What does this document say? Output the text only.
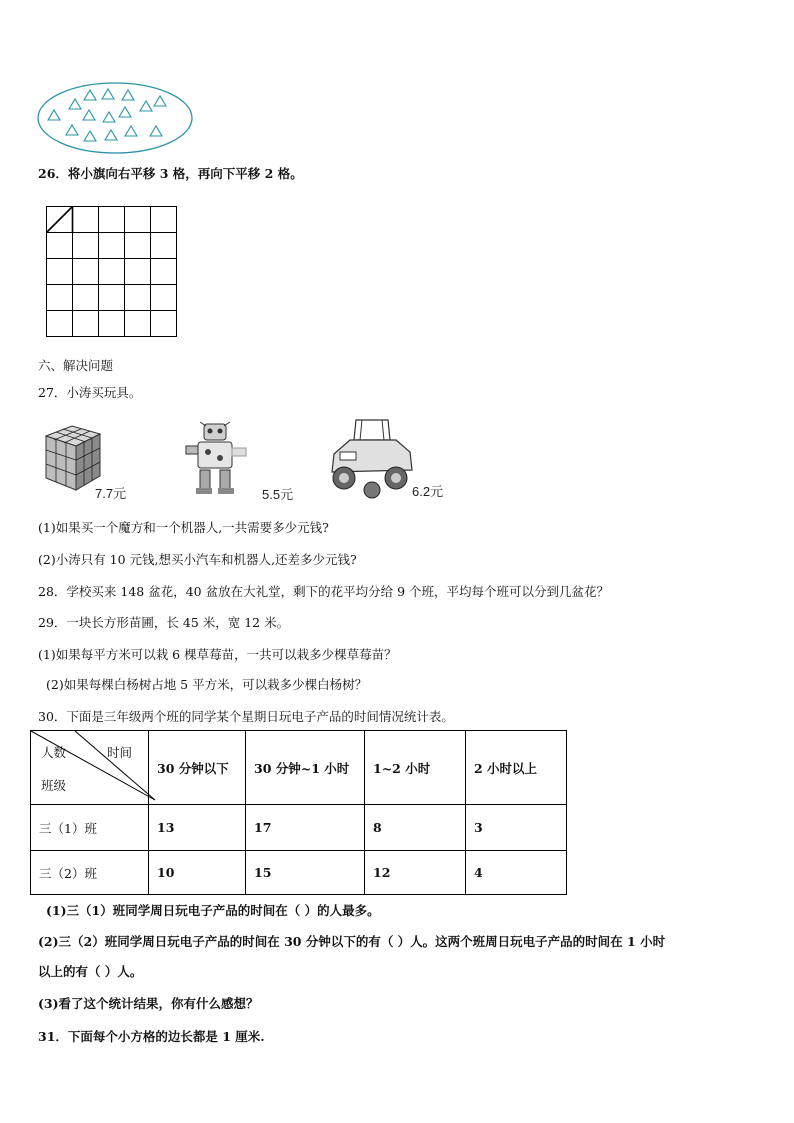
26．将小旗向右平移 3 格，再向下平移 2 格。
六、解决问题
27．小涛买玩具。
7.7元	5.5元	6.2元
(1)如果买一个魔方和一个机器人,一共需要多少元钱?
(2)小涛只有 10 元钱,想买小汽车和机器人,还差多少元钱?
28．学校买来 148 盆花，40 盆放在大礼堂，剩下的花平均分给 9 个班，平均每个班可以分到几盆花？
29．一块长方形苗圃，长 45 米，宽 12 米。
(1)如果每平方米可以栽 6 棵草莓苗，一共可以栽多少棵草莓苗？
(2)如果每棵白杨树占地 5 平方米，可以栽多少棵白杨树？
30．下面是三年级两个班的同学某个星期日玩电子产品的时间情况统计表。
人数 时间
班级	30 分钟以下	30 分钟~1 小时	1~2 小时	2 小时以上
三（1）班	13	17	8	3
三（2）班	10	15	12	4
(1)三（1）班同学周日玩电子产品的时间在（ ）的人最多。
(2)三（2）班同学周日玩电子产品的时间在 30 分钟以下的有（ ）人。这两个班周日玩电子产品的时间在 1 小时
以上的有（ ）人。
(3)看了这个统计结果，你有什么感想？
31．下面每个小方格的边长都是 1 厘米.
